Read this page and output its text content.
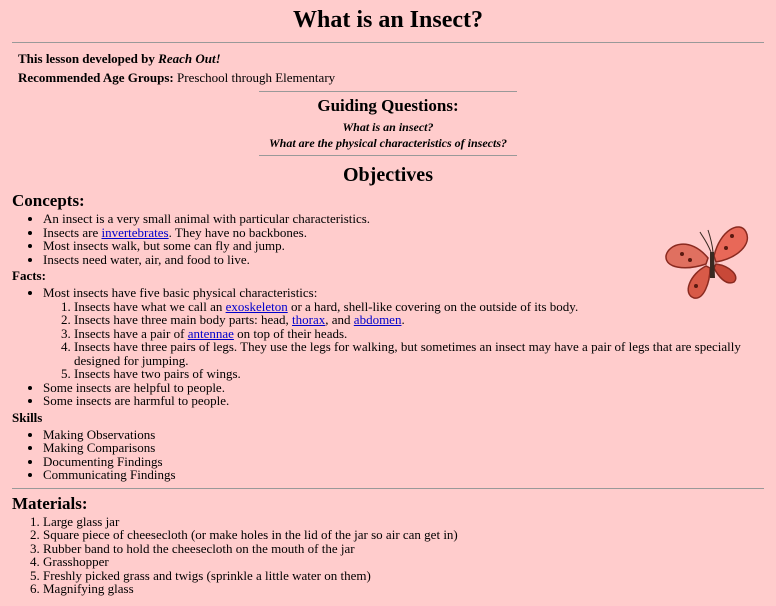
What is an Insect?
This lesson developed by Reach Out!
Recommended Age Groups: Preschool through Elementary
Guiding Questions:
What is an insect?
What are the physical characteristics of insects?
Objectives
Concepts:
• An insect is a very small animal with particular characteristics.
• Insects are invertebrates. They have no backbones.
• Most insects walk, but some can fly and jump.
• Insects need water, air, and food to live.
Facts:
• Most insects have five basic physical characteristics:
1. Insects have what we call an exoskeleton or a hard, shell-like covering on the outside of its body.
2. Insects have three main body parts: head, thorax, and abdomen.
3. Insects have a pair of antennae on top of their heads.
4. Insects have three pairs of legs. They use the legs for walking, but sometimes an insect may have a pair of legs that are specially designed for jumping.
5. Insects have two pairs of wings.
• Some insects are helpful to people.
• Some insects are harmful to people.
Skills
• Making Observations
• Making Comparisons
• Documenting Findings
• Communicating Findings
Materials:
1. Large glass jar
2. Square piece of cheesecloth (or make holes in the lid of the jar so air can get in)
3. Rubber band to hold the cheesecloth on the mouth of the jar
4. Grasshopper
5. Freshly picked grass and twigs (sprinkle a little water on them)
6. Magnifying glass
